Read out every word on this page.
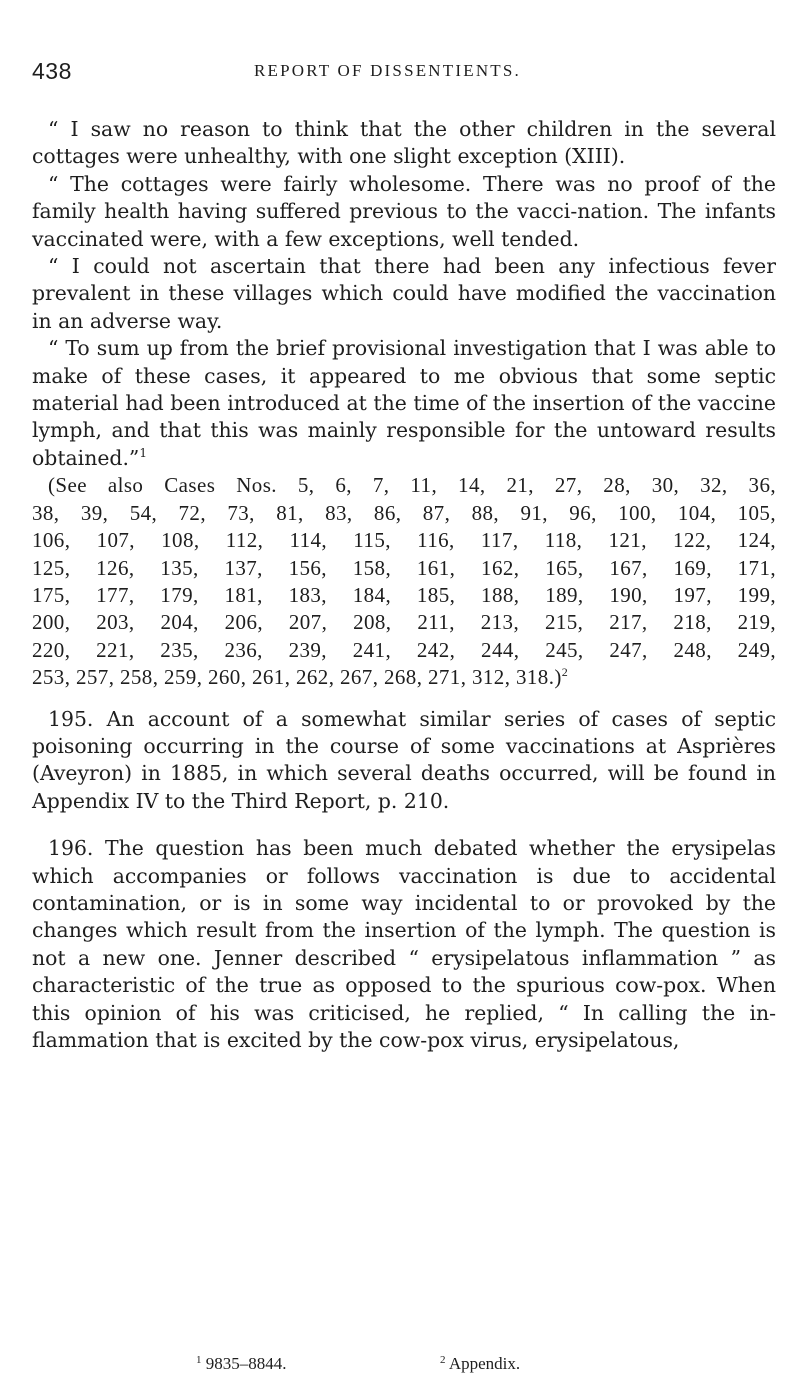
438	REPORT OF DISSENTIENTS.

“ I saw no reason to think that the other children in the several cottages were unhealthy, with one slight exception (XIII).

“ The cottages were fairly wholesome. There was no proof of the family health having suffered previous to the vacci-nation. The infants vaccinated were, with a few exceptions, well tended.

“ I could not ascertain that there had been any infectious fever prevalent in these villages which could have modified the vaccination in an adverse way.

“ To sum up from the brief provisional investigation that I was able to make of these cases, it appeared to me obvious that some septic material had been introduced at the time of the insertion of the vaccine lymph, and that this was mainly responsible for the untoward results obtained.”$^1$

(See also Cases Nos. 5, 6, 7, 11, 14, 21, 27, 28, 30, 32, 36,
38, 39, 54, 72, 73, 81, 83, 86, 87, 88, 91, 96, 100, 104, 105,
106, 107, 108, 112, 114, 115, 116, 117, 118, 121, 122, 124,
125, 126, 135, 137, 156, 158, 161, 162, 165, 167, 169, 171,
175, 177, 179, 181, 183, 184, 185, 188, 189, 190, 197, 199,
200, 203, 204, 206, 207, 208, 211, 213, 215, 217, 218, 219,
220, 221, 235, 236, 239, 241, 242, 244, 245, 247, 248, 249,
253, 257, 258, 259, 260, 261, 262, 267, 268, 271, 312, 318.)$^2$

195. An account of a somewhat similar series of cases of septic poisoning occurring in the course of some vaccinations at Asprières (Aveyron) in 1885, in which several deaths occurred, will be found in Appendix IV to the Third Report, p. 210.

196. The question has been much debated whether the erysipelas which accompanies or follows vaccination is due to accidental contamination, or is in some way incidental to or provoked by the changes which result from the insertion of the lymph. The question is not a new one. Jenner described “ erysipelatous inflammation ” as characteristic of the true as opposed to the spurious cow-pox. When this opinion of his was criticised, he replied, “ In calling the in-flammation that is excited by the cow-pox virus, erysipelatous,

$^1$ 9835–8844.	$^2$ Appendix.
